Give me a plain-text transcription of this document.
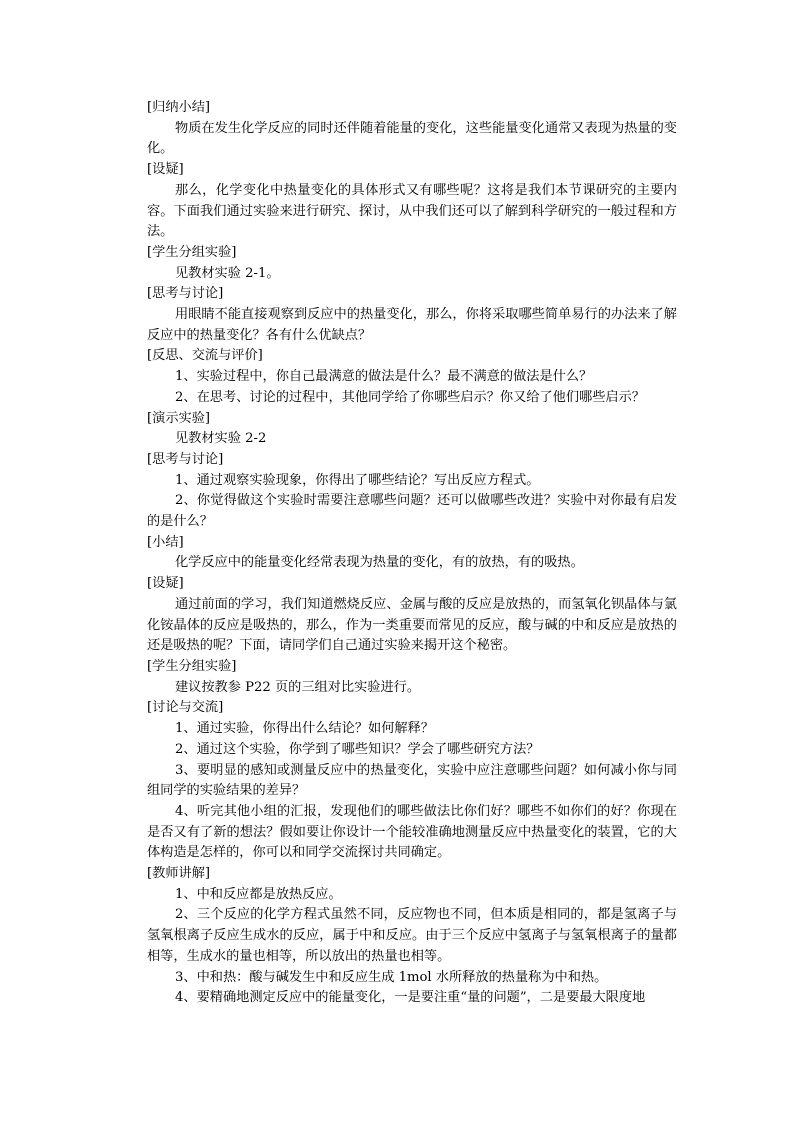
[归纳小结]
物质在发生化学反应的同时还伴随着能量的变化，这些能量变化通常又表现为热量的变化。
[设疑]
那么，化学变化中热量变化的具体形式又有哪些呢？这将是我们本节课研究的主要内容。下面我们通过实验来进行研究、探讨，从中我们还可以了解到科学研究的一般过程和方法。
[学生分组实验]
见教材实验 2-1。
[思考与讨论]
用眼睛不能直接观察到反应中的热量变化，那么，你将采取哪些简单易行的办法来了解反应中的热量变化？各有什么优缺点？
[反思、交流与评价]
1、实验过程中，你自己最满意的做法是什么？最不满意的做法是什么？
2、在思考、讨论的过程中，其他同学给了你哪些启示？你又给了他们哪些启示？
[演示实验]
见教材实验 2-2
[思考与讨论]
1、通过观察实验现象，你得出了哪些结论？写出反应方程式。
2、你觉得做这个实验时需要注意哪些问题？还可以做哪些改进？实验中对你最有启发的是什么？
[小结]
化学反应中的能量变化经常表现为热量的变化，有的放热，有的吸热。
[设疑]
通过前面的学习，我们知道燃烧反应、金属与酸的反应是放热的，而氢氧化钡晶体与氯化铵晶体的反应是吸热的，那么，作为一类重要而常见的反应，酸与碱的中和反应是放热的还是吸热的呢？下面，请同学们自己通过实验来揭开这个秘密。
[学生分组实验]
建议按教参 P22 页的三组对比实验进行。
[讨论与交流]
1、通过实验，你得出什么结论？如何解释？
2、通过这个实验，你学到了哪些知识？学会了哪些研究方法？
3、要明显的感知或测量反应中的热量变化，实验中应注意哪些问题？如何减小你与同组同学的实验结果的差异？
4、听完其他小组的汇报，发现他们的哪些做法比你们好？哪些不如你们的好？你现在是否又有了新的想法？假如要让你设计一个能较准确地测量反应中热量变化的装置，它的大体构造是怎样的，你可以和同学交流探讨共同确定。
[教师讲解]
1、中和反应都是放热反应。
2、三个反应的化学方程式虽然不同，反应物也不同，但本质是相同的，都是氢离子与氢氧根离子反应生成水的反应，属于中和反应。由于三个反应中氢离子与氢氧根离子的量都相等，生成水的量也相等，所以放出的热量也相等。
3、中和热：酸与碱发生中和反应生成 1mol 水所释放的热量称为中和热。
4、要精确地测定反应中的能量变化，一是要注重“量的问题”，二是要最大限度地
